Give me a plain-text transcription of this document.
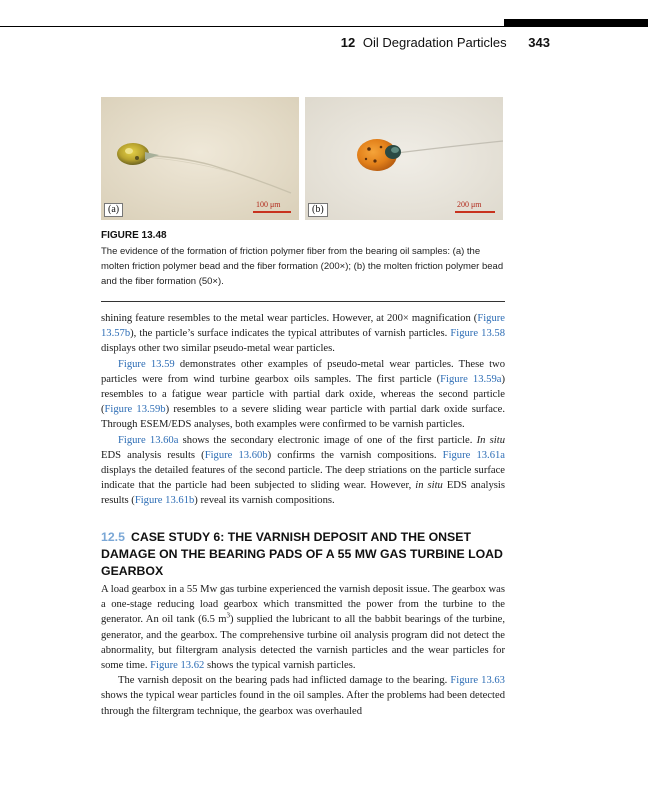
12 Oil Degradation Particles 343
100 μm
(a)	200 μm
(b)
FIGURE 13.48
The evidence of the formation of friction polymer fiber from the bearing oil samples: (a) the molten friction polymer bead and the fiber formation (200×); (b) the molten friction polymer bead and the fiber formation (50×).

shining feature resembles to the metal wear particles. However, at 200× magnification (Figure 13.57b), the particle’s surface indicates the typical attributes of varnish particles. Figure 13.58 displays other two similar pseudo-metal wear particles.

Figure 13.59 demonstrates other examples of pseudo-metal wear particles. These two particles were from wind turbine gearbox oils samples. The first particle (Figure 13.59a) resembles to a fatigue wear particle with partial dark oxide, whereas the second particle (Figure 13.59b) resembles to a severe sliding wear particle with partial dark oxide surface. Through ESEM/EDS analyses, both examples were confirmed to be varnish particles.

Figure 13.60a shows the secondary electronic image of one of the first particle. In situ EDS analysis results (Figure 13.60b) confirms the varnish compositions. Figure 13.61a displays the detailed features of the second particle. The deep striations on the particle surface indicate that the particle had been subjected to sliding wear. However, in situ EDS analysis results (Figure 13.61b) reveal its varnish compositions.

12.5 CASE STUDY 6: THE VARNISH DEPOSIT AND THE ONSET DAMAGE ON THE BEARING PADS OF A 55 MW GAS TURBINE LOAD GEARBOX

A load gearbox in a 55 Mw gas turbine experienced the varnish deposit issue. The gearbox was a one-stage reducing load gearbox which transmitted the power from the turbine to the generator. An oil tank (6.5 $m^3$) supplied the lubricant to all the babbit bearings of the turbine, generator, and the gearbox. The comprehensive turbine oil analysis program did not detect the abnormality, but filtergram analysis detected the varnish particles and the wear particles for some time. Figure 13.62 shows the typical varnish particles.

The varnish deposit on the bearing pads had inflicted damage to the bearing. Figure 13.63 shows the typical wear particles found in the oil samples. After the problems had been detected through the filtergram technique, the gearbox was overhauled
